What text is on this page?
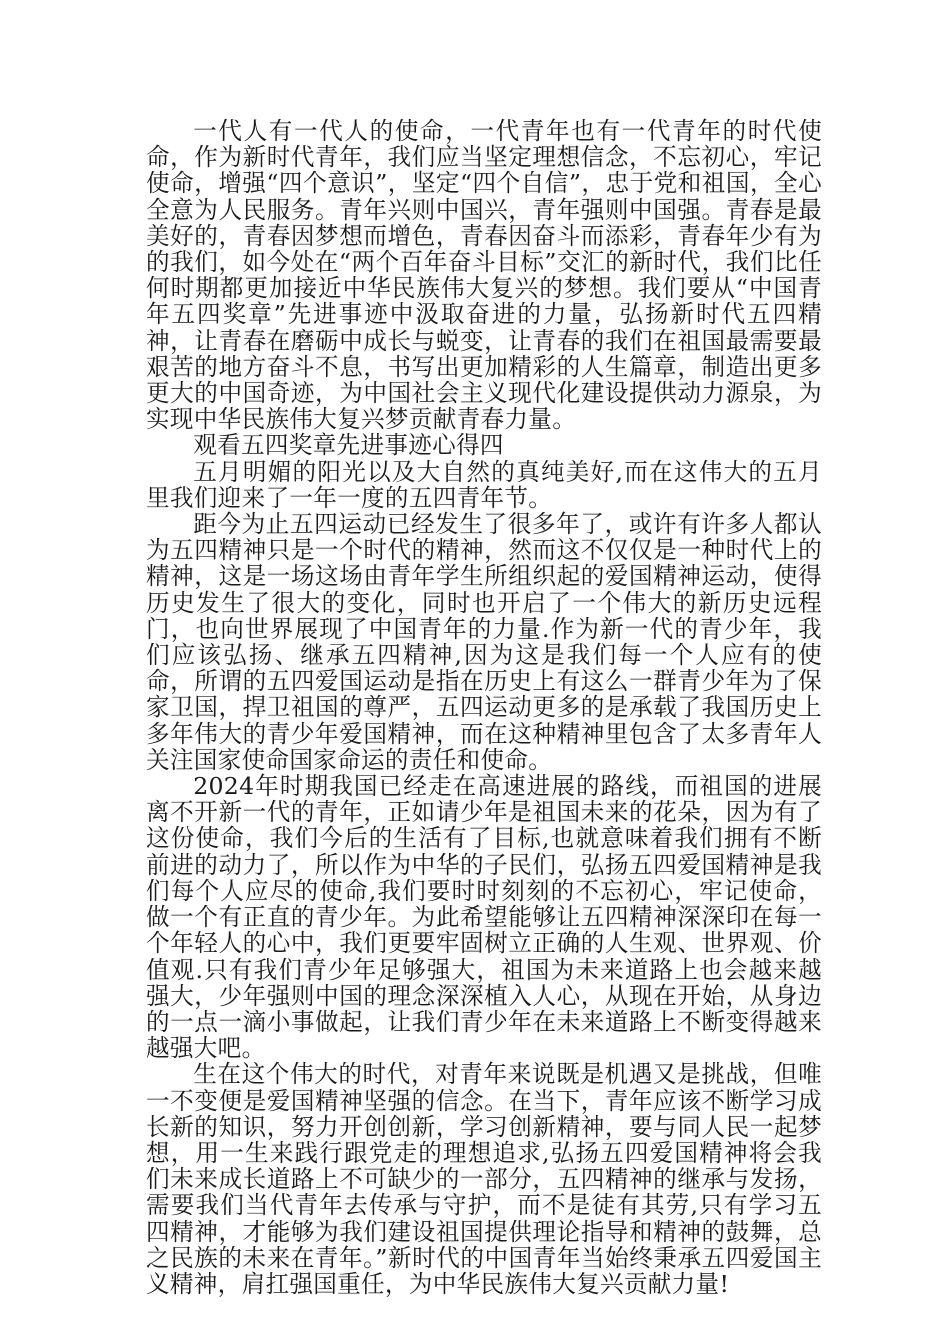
一代人有一代人的使命，一代青年也有一代青年的时代使命，作为新时代青年，我们应当坚定理想信念，不忘初心，牢记使命，增强“四个意识”，坚定“四个自信”，忠于党和祖国，全心全意为人民服务。青年兴则中国兴，青年强则中国强。青春是最美好的，青春因梦想而增色，青春因奋斗而添彩，青春年少有为的我们，如今处在“两个百年奋斗目标”交汇的新时代，我们比任何时期都更加接近中华民族伟大复兴的梦想。我们要从“中国青年五四奖章”先进事迹中汲取奋进的力量，弘扬新时代五四精神，让青春在磨砺中成长与蜕变，让青春的我们在祖国最需要最艰苦的地方奋斗不息，书写出更加精彩的人生篇章，制造出更多更大的中国奇迹，为中国社会主义现代化建设提供动力源泉，为实现中华民族伟大复兴梦贡献青春力量。

观看五四奖章先进事迹心得四

五月明媚的阳光以及大自然的真纯美好,而在这伟大的五月里我们迎来了一年一度的五四青年节。

距今为止五四运动已经发生了很多年了，或许有许多人都认为五四精神只是一个时代的精神，然而这不仅仅是一种时代上的精神，这是一场这场由青年学生所组织起的爱国精神运动，使得历史发生了很大的变化，同时也开启了一个伟大的新历史远程门，也向世界展现了中国青年的力量.作为新一代的青少年，我们应该弘扬、继承五四精神,因为这是我们每一个人应有的使命，所谓的五四爱国运动是指在历史上有这么一群青少年为了保家卫国，捍卫祖国的尊严，五四运动更多的是承载了我国历史上多年伟大的青少年爱国精神，而在这种精神里包含了太多青年人关注国家使命国家命运的责任和使命。

2024年时期我国已经走在高速进展的路线，而祖国的进展离不开新一代的青年，正如请少年是祖国未来的花朵，因为有了这份使命，我们今后的生活有了目标,也就意味着我们拥有不断前进的动力了，所以作为中华的子民们，弘扬五四爱国精神是我们每个人应尽的使命,我们要时时刻刻的不忘初心，牢记使命，做一个有正直的青少年。为此希望能够让五四精神深深印在每一个年轻人的心中，我们更要牢固树立正确的人生观、世界观、价值观.只有我们青少年足够强大，祖国为未来道路上也会越来越强大，少年强则中国的理念深深植入人心，从现在开始，从身边的一点一滴小事做起，让我们青少年在未来道路上不断变得越来越强大吧。

生在这个伟大的时代，对青年来说既是机遇又是挑战，但唯一不变便是爱国精神坚强的信念。在当下，青年应该不断学习成长新的知识，努力开创创新，学习创新精神，要与同人民一起梦想，用一生来践行跟党走的理想追求,弘扬五四爱国精神将会我们未来成长道路上不可缺少的一部分，五四精神的继承与发扬，需要我们当代青年去传承与守护，而不是徒有其劳,只有学习五四精神，才能够为我们建设祖国提供理论指导和精神的鼓舞，总之民族的未来在青年。”新时代的中国青年当始终秉承五四爱国主义精神，肩扛强国重任，为中华民族伟大复兴贡献力量!
